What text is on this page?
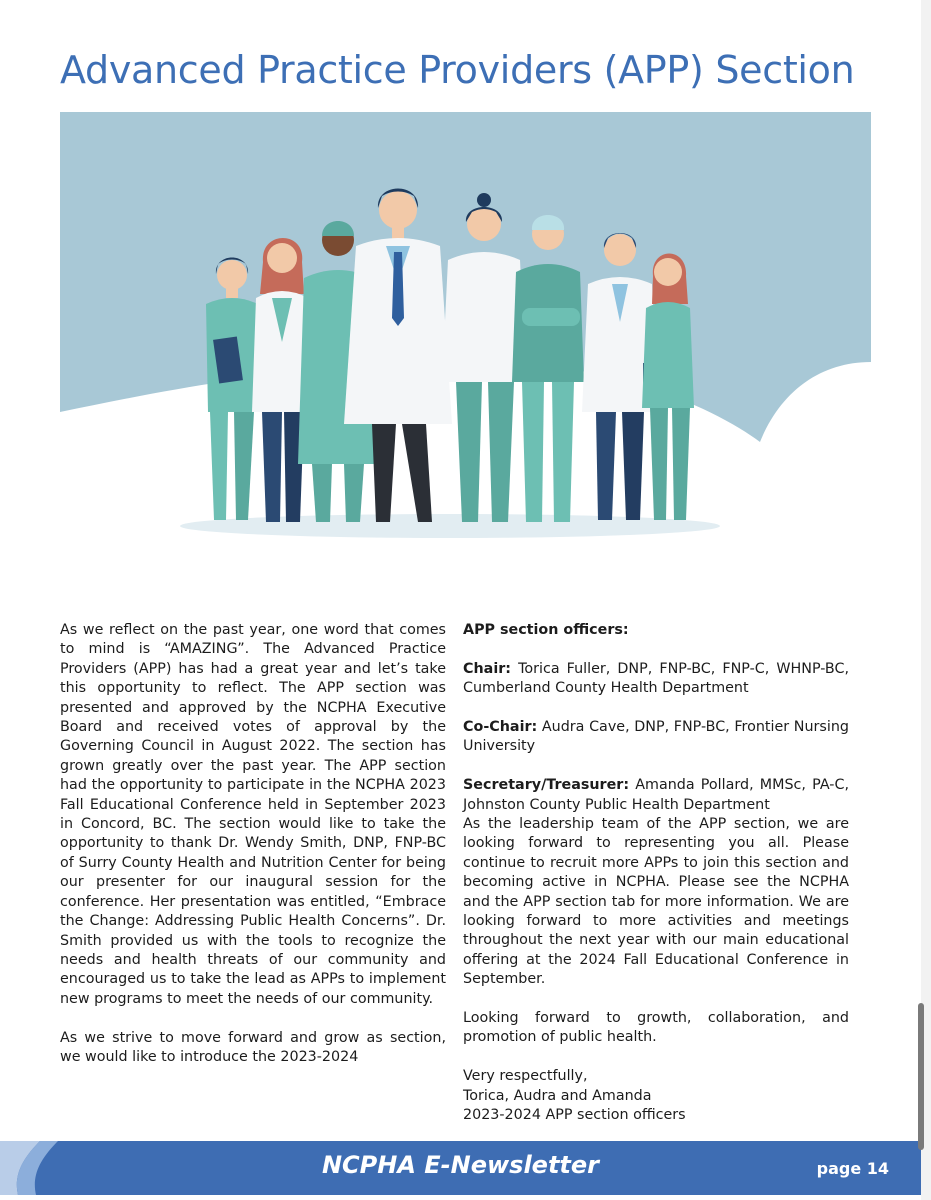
Advanced Practice Providers (APP) Section

As we reflect on the past year, one word that comes to mind is “AMAZING”. The Advanced Practice Providers (APP) has had a great year and let’s take this opportunity to reflect. The APP section was presented and approved by the NCPHA Executive Board and received votes of approval by the Governing Council in August 2022. The section has grown greatly over the past year. The APP section had the opportunity to participate in the NCPHA 2023 Fall Educational Conference held in September 2023 in Concord, BC. The section would like to take the opportunity to thank Dr. Wendy Smith, DNP, FNP-BC of Surry County Health and Nutrition Center for being our presenter for our inaugural session for the conference. Her presentation was entitled, “Embrace the Change: Addressing Public Health Concerns”. Dr. Smith provided us with the tools to recognize the needs and health threats of our community and encouraged us to take the lead as APPs to implement new programs to meet the needs of our community.

As we strive to move forward and grow as section, we would like to introduce the 2023-2024

APP section officers:

Chair: Torica Fuller, DNP, FNP-BC, FNP-C, WHNP-BC, Cumberland County Health Department

Co-Chair: Audra Cave, DNP, FNP-BC, Frontier Nursing University

Secretary/Treasurer: Amanda Pollard, MMSc, PA-C, Johnston County Public Health Department

As the leadership team of the APP section, we are looking forward to representing you all. Please continue to recruit more APPs to join this section and becoming active in NCPHA. Please see the NCPHA and the APP section tab for more information. We are looking forward to more activities and meetings throughout the next year with our main educational offering at the 2024 Fall Educational Conference in September.

Looking forward to growth, collaboration, and promotion of public health.

Very respectfully,
Torica, Audra and Amanda
2023-2024 APP section officers
NCPHA E-Newsletter	page 14
